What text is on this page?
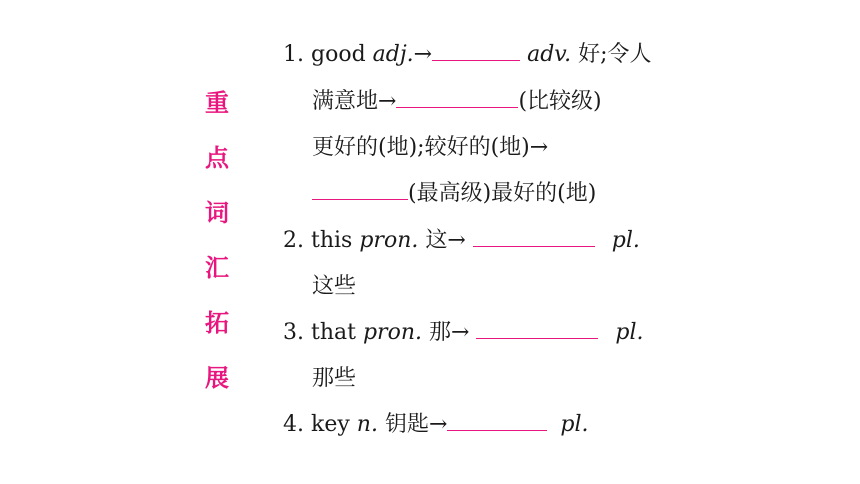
重
点
词
汇
拓
展
1. good adj.→	adv. 好;令人
满意地→	(比较级)
更好的(地);较好的(地)→
(最高级)最好的(地)
2. this pron. 这→	pl.
这些
3. that pron. 那→	pl.
那些
4. key n. 钥匙→	pl.
